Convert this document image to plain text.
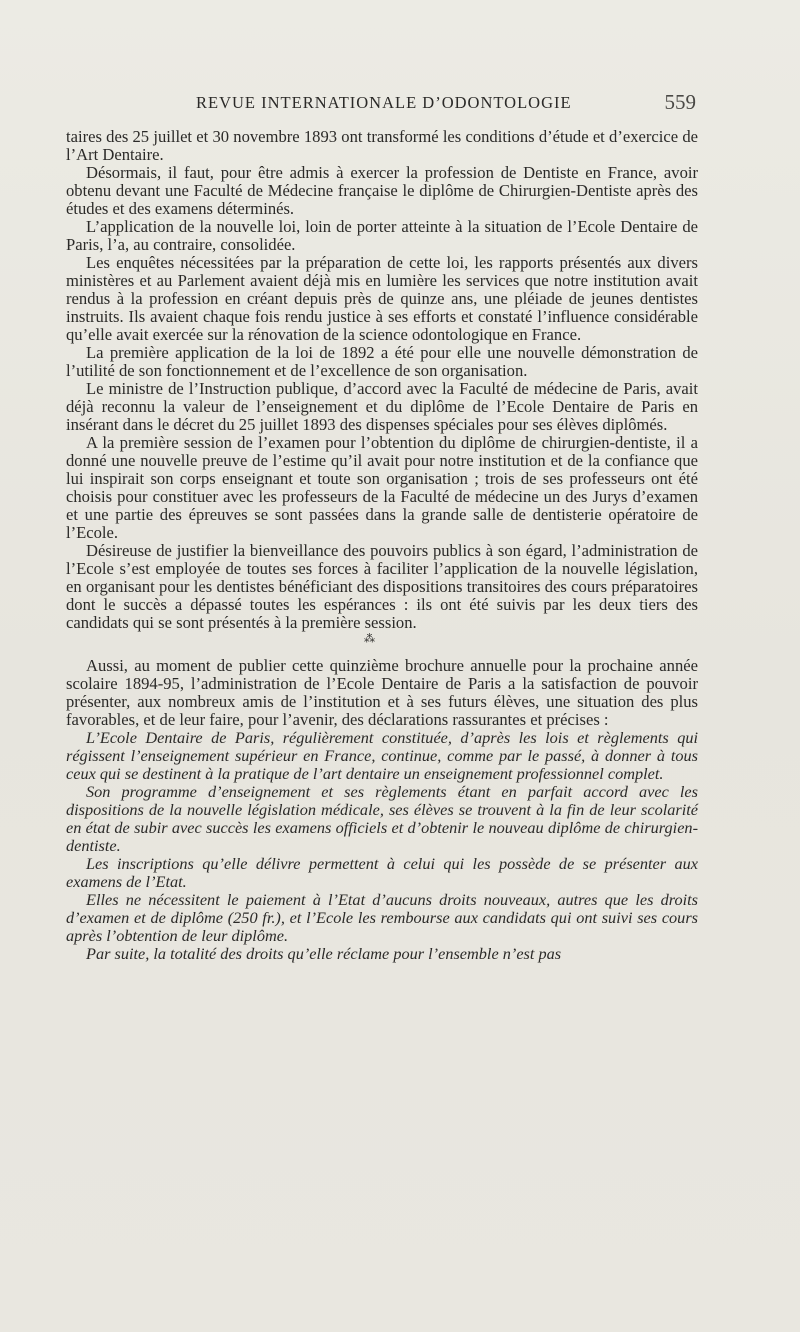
REVUE INTERNATIONALE D’ODONTOLOGIE	559

taires des 25 juillet et 30 novembre 1893 ont transformé les conditions d’étude et d’exercice de l’Art Dentaire.

Désormais, il faut, pour être admis à exercer la profession de Dentiste en France, avoir obtenu devant une Faculté de Médecine française le diplôme de Chirurgien-Dentiste après des études et des examens déterminés.

L’application de la nouvelle loi, loin de porter atteinte à la situation de l’Ecole Dentaire de Paris, l’a, au contraire, consolidée.

Les enquêtes nécessitées par la préparation de cette loi, les rapports présentés aux divers ministères et au Parlement avaient déjà mis en lumière les services que notre institution avait rendus à la profession en créant depuis près de quinze ans, une pléiade de jeunes dentistes instruits. Ils avaient chaque fois rendu justice à ses efforts et constaté l’influence considérable qu’elle avait exercée sur la rénovation de la science odontologique en France.

La première application de la loi de 1892 a été pour elle une nouvelle démonstration de l’utilité de son fonctionnement et de l’excellence de son organisation.

Le ministre de l’Instruction publique, d’accord avec la Faculté de médecine de Paris, avait déjà reconnu la valeur de l’enseignement et du diplôme de l’Ecole Dentaire de Paris en insérant dans le décret du 25 juillet 1893 des dispenses spéciales pour ses élèves diplômés.

A la première session de l’examen pour l’obtention du diplôme de chirurgien-dentiste, il a donné une nouvelle preuve de l’estime qu’il avait pour notre institution et de la confiance que lui inspirait son corps enseignant et toute son organisation ; trois de ses professeurs ont été choisis pour constituer avec les professeurs de la Faculté de médecine un des Jurys d’examen et une partie des épreuves se sont passées dans la grande salle de dentisterie opératoire de l’Ecole.

Désireuse de justifier la bienveillance des pouvoirs publics à son égard, l’administration de l’Ecole s’est employée de toutes ses forces à faciliter l’application de la nouvelle législation, en organisant pour les dentistes bénéficiant des dispositions transitoires des cours préparatoires dont le succès a dépassé toutes les espérances : ils ont été suivis par les deux tiers des candidats qui se sont présentés à la première session.

⁂

Aussi, au moment de publier cette quinzième brochure annuelle pour la prochaine année scolaire 1894-95, l’administration de l’Ecole Dentaire de Paris a la satisfaction de pouvoir présenter, aux nombreux amis de l’institution et à ses futurs élèves, une situation des plus favorables, et de leur faire, pour l’avenir, des déclarations rassurantes et précises :

L’Ecole Dentaire de Paris, régulièrement constituée, d’après les lois et règlements qui régissent l’enseignement supérieur en France, continue, comme par le passé, à donner à tous ceux qui se destinent à la pratique de l’art dentaire un enseignement professionnel complet.

Son programme d’enseignement et ses règlements étant en parfait accord avec les dispositions de la nouvelle législation médicale, ses élèves se trouvent à la fin de leur scolarité en état de subir avec succès les examens officiels et d’obtenir le nouveau diplôme de chirurgien-dentiste.

Les inscriptions qu’elle délivre permettent à celui qui les possède de se présenter aux examens de l’Etat.

Elles ne nécessitent le paiement à l’Etat d’aucuns droits nouveaux, autres que les droits d’examen et de diplôme (250 fr.), et l’Ecole les rembourse aux candidats qui ont suivi ses cours après l’obtention de leur diplôme.

Par suite, la totalité des droits qu’elle réclame pour l’ensemble n’est pas
